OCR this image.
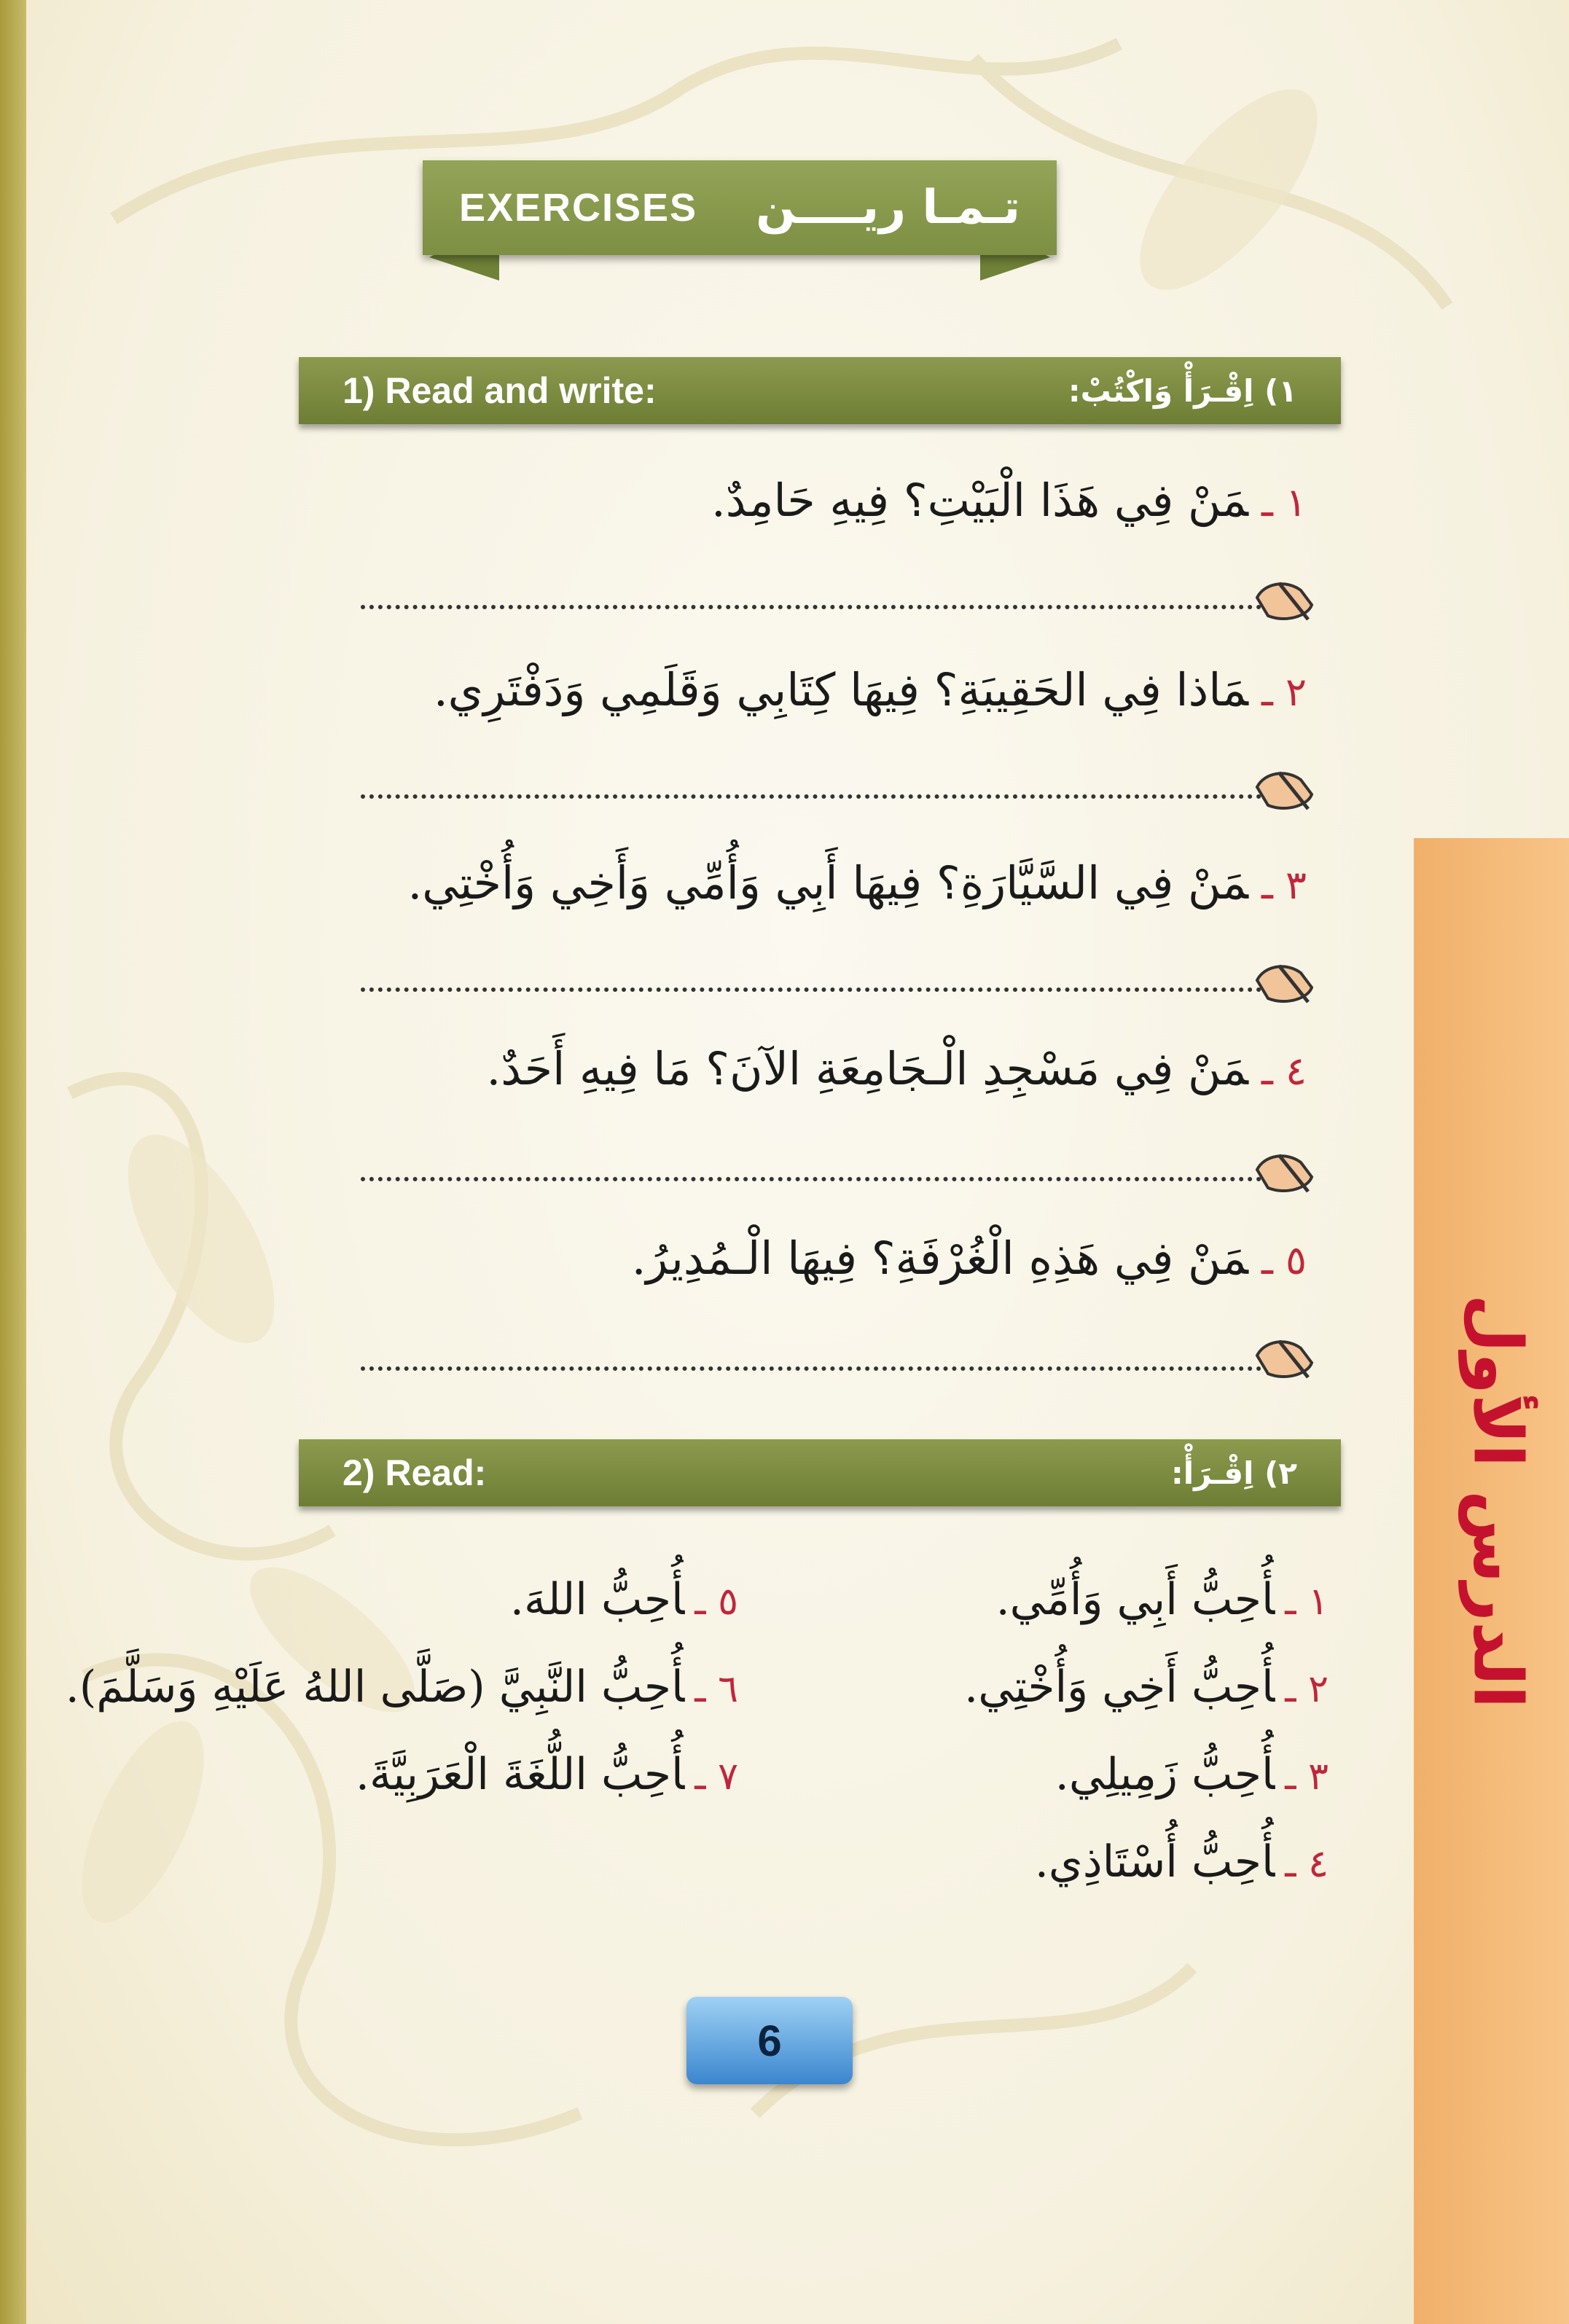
EXERCISES تـمـا ريــــن
1) Read and write:	١) اِقْـرَأْ وَاكْتُبْ:
١ ـمَنْ فِي هَذَا الْبَيْتِ؟ فِيهِ حَامِدٌ.
٢ ـمَاذا فِي الحَقِيبَةِ؟ فِيهَا كِتَابِي وَقَلَمِي وَدَفْتَرِي.
٣ ـمَنْ فِي السَّيَّارَةِ؟ فِيهَا أَبِي وَأُمِّي وَأَخِي وَأُخْتِي.
٤ ـمَنْ فِي مَسْجِدِ الْـجَامِعَةِ الآنَ؟ مَا فِيهِ أَحَدٌ.
٥ ـمَنْ فِي هَذِهِ الْغُرْفَةِ؟ فِيهَا الْـمُدِيرُ.
2) Read:	٢) اِقْـرَأْ:
١ ـأُحِبُّ أَبِي وَأُمِّي.
٢ ـأُحِبُّ أَخِي وَأُخْتِي.
٣ ـأُحِبُّ زَمِيلِي.
٤ ـأُحِبُّ أُسْتَاذِي.
٥ ـأُحِبُّ اللهَ.
٦ ـأُحِبُّ النَّبِيَّ (صَلَّى اللهُ عَلَيْهِ وَسَلَّمَ).
٧ ـأُحِبُّ اللُّغَةَ الْعَرَبِيَّةَ.
الدرس الأول
6
